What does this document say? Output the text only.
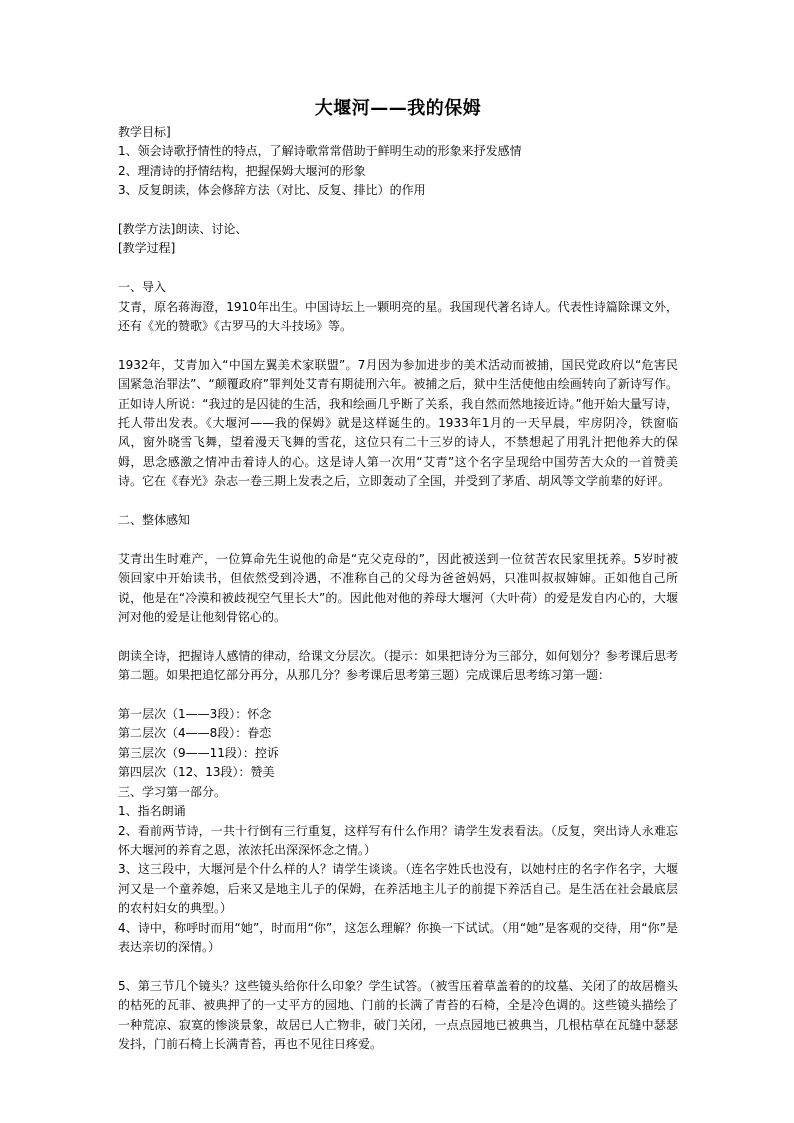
大堰河——我的保姆
教学目标]
1、领会诗歌抒情性的特点，了解诗歌常常借助于鲜明生动的形象来抒发感情
2、理清诗的抒情结构，把握保姆大堰河的形象
3、反复朗读，体会修辞方法（对比、反复、排比）的作用
[教学方法]朗读、讨论、
[教学过程]
一、导入
艾青，原名蒋海澄，1910年出生。中国诗坛上一颗明亮的星。我国现代著名诗人。代表性诗篇除课文外，还有《光的赞歌》《古罗马的大斗技场》等。
1932年，艾青加入“中国左翼美术家联盟”。7月因为参加进步的美术活动而被捕，国民党政府以“危害民国紧急治罪法”、“颠覆政府”罪判处艾青有期徒刑六年。被捕之后，狱中生活使他由绘画转向了新诗写作。正如诗人所说：“我过的是囚徒的生活，我和绘画几乎断了关系，我自然而然地接近诗。”他开始大量写诗，托人带出发表。《大堰河——我的保姆》就是这样诞生的。1933年1月的一天早晨，牢房阴冷，铁窗临风，窗外晓雪飞舞，望着漫天飞舞的雪花，这位只有二十三岁的诗人，不禁想起了用乳汁把他养大的保姆，思念感激之情冲击着诗人的心。这是诗人第一次用“艾青”这个名字呈现给中国劳苦大众的一首赞美诗。它在《春光》杂志一卷三期上发表之后，立即轰动了全国，并受到了茅盾、胡风等文学前辈的好评。
二、整体感知
艾青出生时难产，一位算命先生说他的命是“克父克母的”，因此被送到一位贫苦农民家里抚养。5岁时被领回家中开始读书，但依然受到冷遇，不准称自己的父母为爸爸妈妈，只准叫叔叔婶婶。正如他自己所说，他是在“冷漠和被歧视空气里长大”的。因此他对他的养母大堰河（大叶荷）的爱是发自内心的，大堰河对他的爱是让他刻骨铭心的。
朗读全诗，把握诗人感情的律动，给课文分层次。（提示：如果把诗分为三部分，如何划分？参考课后思考第二题。如果把追忆部分再分，从那几分？参考课后思考第三题）完成课后思考练习第一题：
第一层次（1——3段）：怀念
第二层次（4——8段）：眷恋
第三层次（9——11段）：控诉
第四层次（12、13段）：赞美
三、学习第一部分。
1、指名朗诵
2、看前两节诗，一共十行倒有三行重复，这样写有什么作用？请学生发表看法。（反复，突出诗人永难忘怀大堰河的养育之恩，浓浓托出深深怀念之情。）
3、这三段中，大堰河是个什么样的人？请学生谈谈。（连名字姓氏也没有，以她村庄的名字作名字，大堰河又是一个童养媳，后来又是地主儿子的保姆，在养活地主儿子的前提下养活自己。是生活在社会最底层的农村妇女的典型。）
4、诗中，称呼时而用“她”，时而用“你”，这怎么理解？你换一下试试。（用“她”是客观的交待，用“你”是表达亲切的深情。）
5、第三节几个镜头？这些镜头给你什么印象？学生试答。（被雪压着草盖着的的坟墓、关闭了的故居檐头的枯死的瓦菲、被典押了的一丈平方的园地、门前的长满了青苔的石椅，全是冷色调的。这些镜头描绘了一种荒凉、寂寞的惨淡景象，故居已人亡物非，破门关闭，一点点园地已被典当，几根枯草在瓦缝中瑟瑟发抖，门前石椅上长满青苔，再也不见往日疼爱。
